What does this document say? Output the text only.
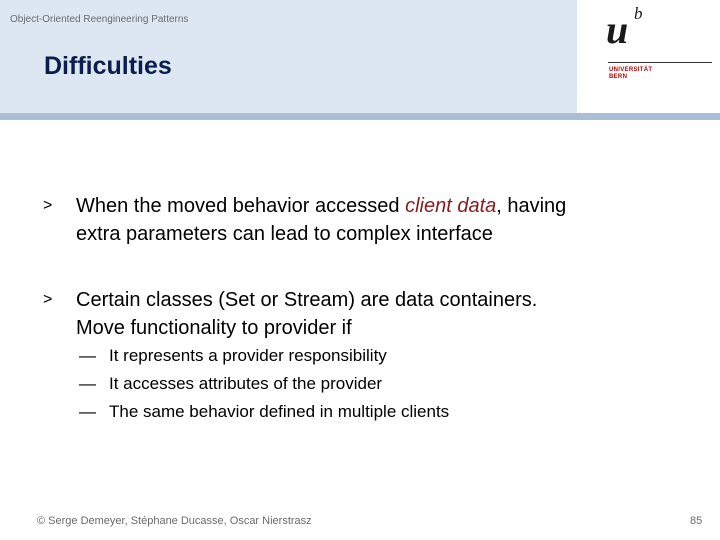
Object-Oriented Reengineering Patterns
Difficulties
u b
UNIVERSITÄT
BERN
> When the moved behavior accessed client data, having
extra parameters can lead to complex interface
> Certain classes (Set or Stream) are data containers.
Move functionality to provider if
— It represents a provider responsibility
— It accesses attributes of the provider
— The same behavior defined in multiple clients
© Serge Demeyer, Stéphane Ducasse, Oscar Nierstrasz	85
